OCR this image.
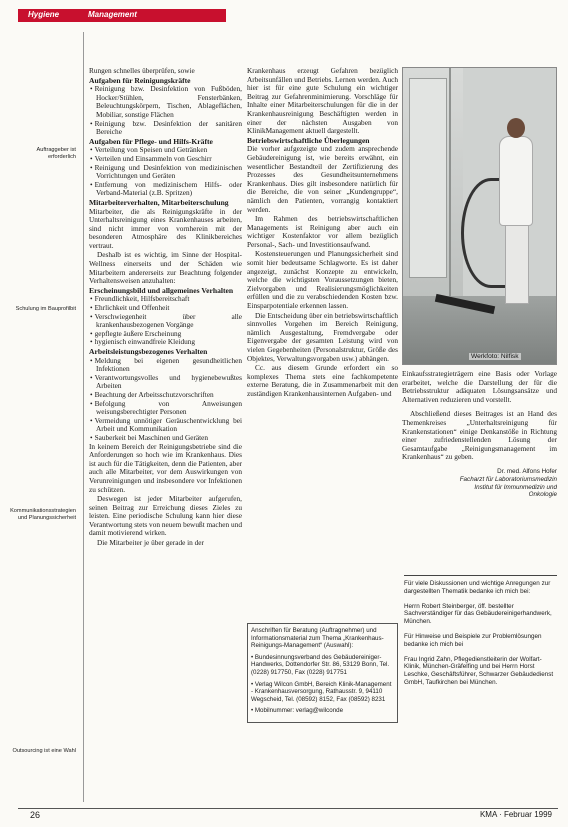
Hygiene	Management
Auftraggeber ist erforderlich
Schulung im Bauprofilbit
Kommunikationsstrategien und Planungssicherheit
Outsourcing ist eine Wahl

Rungen schnelles überprüfen, sowie

Aufgaben für Reinigungskräfte
• Reinigung bzw. Desinfektion von Fußböden, Hocker/Stühlen, Fensterbänken, Beleuchtungskörpern, Tischen, Ablageflächen, Mobiliar, sonstige Flächen
• Reinigung bzw. Desinfektion der sanitären Bereiche
Aufgaben für Pflege- und Hilfs-Kräfte
• Verteilung von Speisen und Getränken
• Verteilen und Einsammeln von Geschirr
• Reinigung und Desinfektion von medizinischen Vorrichtungen und Geräten
• Entfernung von medizinischem Hilfs- oder Verband-Material (z.B. Spritzen)
Mitarbeiterverhalten, Mitarbeiterschulung

Mitarbeiter, die als Reinigungskräfte in der Unterhaltsreinigung eines Krankenhauses arbeiten, sind nicht immer von vornherein mit der besonderen Atmosphäre des Klinikbereiches vertraut.

Deshalb ist es wichtig, im Sinne der Hospital-Wellness einerseits und der Schäden wie Mitarbeitern andererseits zur Beachtung folgender Verhaltensweisen anzuhalten:

Erscheinungsbild und allgemeines Verhalten
• Freundlichkeit, Hilfsbereitschaft
• Ehrlichkeit und Offenheit
• Verschwiegenheit über alle krankenhausbezogenen Vorgänge
• gepflegte äußere Erscheinung
• hygienisch einwandfreie Kleidung
Arbeitsleistungsbezogenes Verhalten
• Meldung bei eigenen gesundheitlichen Infektionen
• Verantwortungsvolles und hygienebewußtes Arbeiten
• Beachtung der Arbeitsschutzvorschriften
• Befolgung von Anweisungen weisungsberechtigter Personen
• Vermeidung unnötiger Geräuschentwicklung bei Arbeit und Kommunikation
• Sauberkeit bei Maschinen und Geräten

In keinem Bereich der Reinigungsbetriebe sind die Anforderungen so hoch wie im Krankenhaus. Dies ist auch für die Tätigkeiten, denn die Patienten, aber auch alle Mitarbeiter, vor dem Auswirkungen von Verunreinigungen und insbesondere vor Infektionen zu schützen.

Deswegen ist jeder Mitarbeiter aufgerufen, seinen Beitrag zur Erreichung dieses Zieles zu leisten. Eine periodische Schulung kann hier diese Verantwortung stets von neuem bewußt machen und damit motivierend wirken.

Die Mitarbeiter je über gerade in der

Krankenhaus erzeugt Gefahren bezüglich Arbeitsunfällen und Betriebs. Lernen werden. Auch hier ist für eine gute Schulung ein wichtiger Beitrag zur Gefahrenminimierung. Vorschläge für Inhalte einer Mitarbeiterschulungen für die in der Krankenhausreinigung Beschäftigten werden in einer der nächsten Ausgaben von KlinikManagement aktuell dargestellt.

Betriebswirtschaftliche Überlegungen

Die vorher aufgezeigte und zudem ansprechende Gebäudereinigung ist, wie bereits erwähnt, ein wesentlicher Bestandteil der Zertifizierung des Prozesses des Gesundheitsunternehmens Krankenhaus. Dies gilt insbesondere natürlich für die Bereiche, die von seiner „Kundengruppe“, nämlich den Patienten, vorrangig kontaktiert werden.

Im Rahmen des betriebswirtschaftlichen Managements ist Reinigung aber auch ein wichtiger Kostenfaktor vor allem bezüglich Personal-, Sach- und Investitionsaufwand.

Kostensteuerungen und Planungssicherheit sind somit hier bedeutsame Schlagworte. Es ist daher angezeigt, zunächst Konzepte zu entwickeln, welche die wichtigsten Voraussetzungen bieten, Zielvorgaben und Realisierungsmöglichkeiten erfüllen und die zu verabschiedenden Kosten bzw. Einsparpotentiale erkennen lassen.

Die Entscheidung über ein betriebswirtschaftlich sinnvolles Vorgehen im Bereich Reinigung, nämlich Ausgestaltung, Fremdvergabe oder Eigenvergabe der gesamten Leistung wird von vielen Gegebenheiten (Personalstruktur, Größe des Objektes, Verwaltungsvorgaben usw.) abhängen.

Cc. aus diesem Grunde erfordert ein so komplexes Thema stets eine fachkompetente externe Beratung, die in Zusammenarbeit mit den zuständigen Krankenhausinternen Aufgaben- und

Anschriften für Beratung (Auftragnehmer) und Informationsmaterial zum Thema „Krankenhaus-Reinigungs-Management“ (Auswahl):

• Bundesinnungsverband des Gebäudereiniger-Handwerks, Dottendorfer Str. 86, 53129 Bonn, Tel. (0228) 917750, Fax (0228) 917751

• Verlag Wilcon GmbH, Bereich Klinik-Management - Krankenhausversorgung, Rathausstr. 9, 94110 Wegscheid, Tel. (08592) 8152, Fax (08592) 8231

• Mobilnummer: verlag@wilconde

Werkfoto: Nilfisk

Einkaufsstrategieträgern eine Basis oder Vorlage erarbeitet, welche die Darstellung der für die Betriebsstruktur adäquaten Lösungsansätze und Alternativen reduzieren und vorstellt.

Abschließend dieses Beitrages ist an Hand des Themenkreises „Unterhaltsreinigung für Krankenstationen“ einige Denkanstöße in Richtung einer zufriedenstellenden Lösung der Gesamtaufgabe „Reinigungsmanagement im Krankenhaus“ zu geben.

Dr. med. Alfons Hofer
Facharzt für Laboratoriumsmedizin
Institut für Immunmedizin und
Onkologie

Für viele Diskussionen und wichtige Anregungen zur dargestellten Thematik bedanke ich mich bei:

Herrn Robert Steinberger, öff. bestellter Sachverständiger für das Gebäudereinigerhandwerk, München.

Für Hinweise und Beispiele zur Problemlösungen bedanke ich mich bei

Frau Ingrid Zahn, Pflegedienstleiterin der Wolfart-Klinik, München-Gräfelfing und bei Herrn Horst Leschke, Geschäftsführer, Schwarzer Gebäudedienst GmbH, Taufkirchen bei München.

26	KMA · Februar 1999
